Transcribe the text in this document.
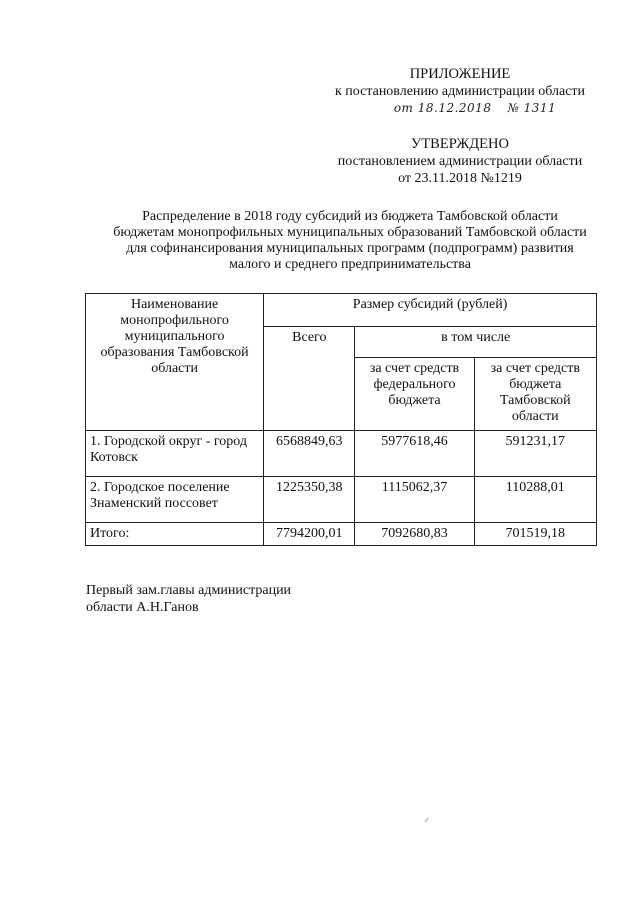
ПРИЛОЖЕНИЕ
к постановлению администрации области
от 18.12.2018 № 1311
УТВЕРЖДЕНО
постановлением администрации области
от 23.11.2018 №1219
Распределение в 2018 году субсидий из бюджета Тамбовской области
бюджетам монопрофильных муниципальных образований Тамбовской области
для софинансирования муниципальных программ (подпрограмм) развития
малого и среднего предпринимательства
Наименование монопрофильного муниципального образования Тамбовской области	Размер субсидий (рублей)		
	Всего	в том числе	
		за счет средств федерального бюджета	за счет средств бюджета Тамбовской области
1. Городской округ - город Котовск	6568849,63	5977618,46	591231,17
2. Городское поселение Знаменский поссовет	1225350,38	1115062,37	110288,01
Итого:	7794200,01	7092680,83	701519,18
Первый зам.главы администрации
области А.Н.Ганов
⸝
